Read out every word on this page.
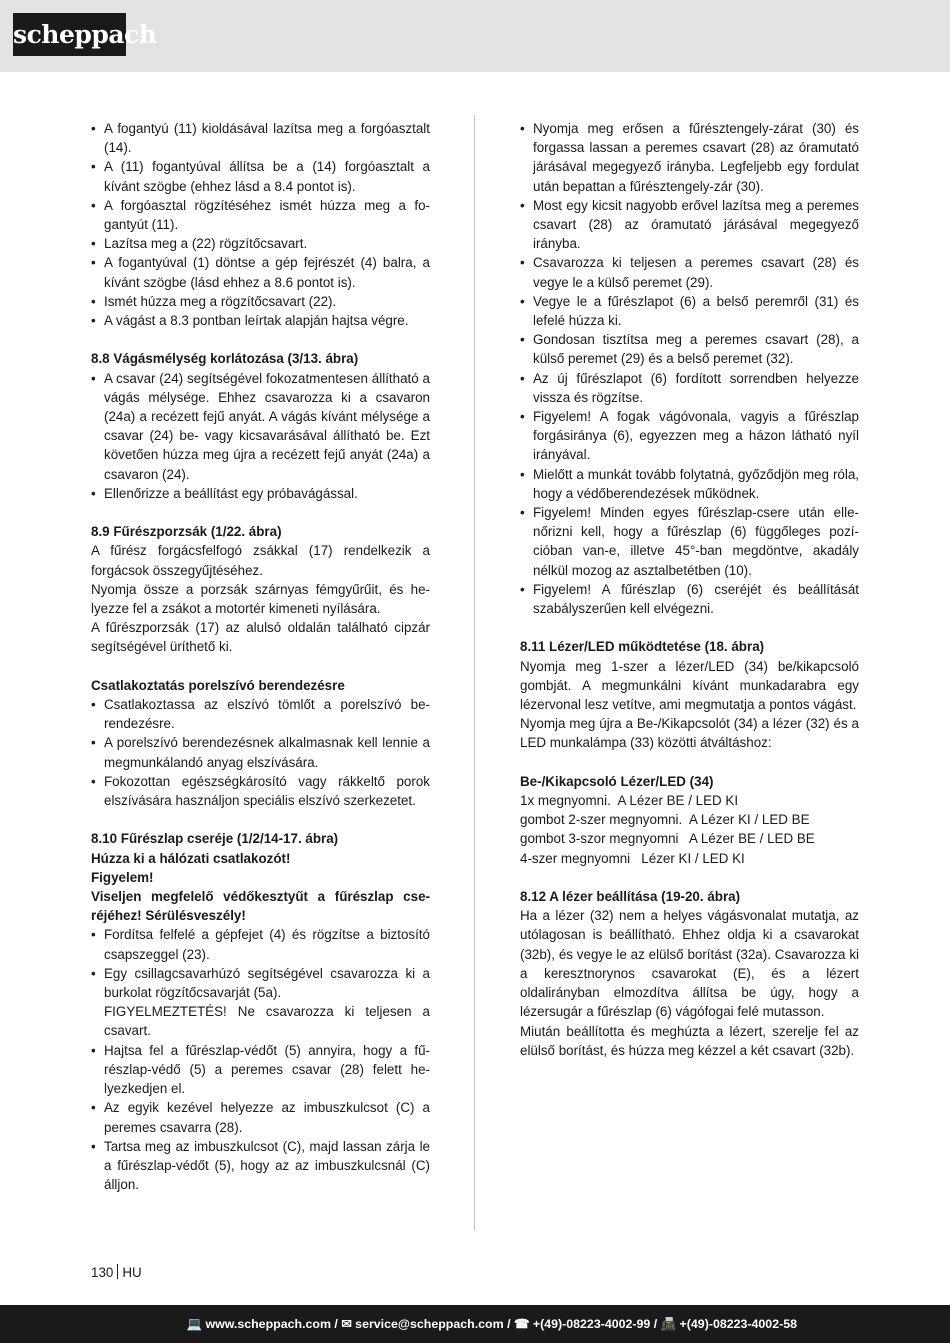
scheppach
• A fogantyú (11) kioldásával lazítsa meg a forgóasztalt (14).
• A (11) fogantyúval állítsa be a (14) forgóasztalt a kívánt szögbe (ehhez lásd a 8.4 pontot is).
• A forgóasztal rögzítéséhez ismét húzza meg a fogantyút (11).
• Lazítsa meg a (22) rögzítőcsavart.
• A fogantyúval (1) döntse a gép fejrészét (4) balra, a kívánt szögbe (lásd ehhez a 8.6 pontot is).
• Ismét húzza meg a rögzítőcsavart (22).
• A vágást a 8.3 pontban leírtak alapján hajtsa végre.
8.8 Vágásmélység korlátozása (3/13. ábra)
• A csavar (24) segítségével fokozatmentesen állítható a vágás mélysége. Ehhez csavarozza ki a csavaron (24a) a recézett fejű anyát. A vágás kívánt mélysége a csavar (24) be- vagy kicsavarásával állítható be. Ezt követően húzza meg újra a recézett fejű anyát (24a) a csavaron (24).
• Ellenőrizze a beállítást egy próbavágással.
8.9 Fűrészporzsák (1/22. ábra)

A fűrész forgácsfelfogó zsákkal (17) rendelkezik a forgácsok összegyűjtéséhez.

Nyomja össze a porzsák szárnyas fémgyűrűit, és helyezze fel a zsákot a motortér kimeneti nyílására.

A fűrészporzsák (17) az alulsó oldalán található cipzár segítségével üríthető ki.

Csatlakoztatás porelszívó berendezésre
• Csatlakoztassa az elszívó tömlőt a porelszívó berendezésre.
• A porelszívó berendezésnek alkalmasnak kell lennie a megmunkálandó anyag elszívására.
• Fokozottan egészségkárosító vagy rákkeltő porok elszívására használjon speciális elszívó szerkezetet.
8.10 Fűrészlap cseréje (1/2/14-17. ábra)
Húzza ki a hálózati csatlakozót!
Figyelem!
Viseljen megfelelő védőkesztyűt a fűrészlap cseréjéhez! Sérülésveszély!
• Fordítsa felfelé a gépfejet (4) és rögzítse a biztosító csapszeggel (23).
• Egy csillagcsavarhúzó segítségével csavarozza ki a burkolat rögzítőcsavarját (5a).
FIGYELMEZTETÉS! Ne csavarozza ki teljesen a csavart.
• Hajtsa fel a fűrészlap-védőt (5) annyira, hogy a fűrészlap-védő (5) a peremes csavar (28) felett helyezkedjen el.
• Az egyik kezével helyezze az imbuszkulcsot (C) a peremes csavarra (28).
• Tartsa meg az imbuszkulcsot (C), majd lassan zárja le a fűrészlap-védőt (5), hogy az az imbuszkulcsnál (C) álljon.
• Nyomja meg erősen a fűrésztengely-zárat (30) és forgassa lassan a peremes csavart (28) az óramutató járásával megegyező irányba. Legfeljebb egy fordulat után bepattan a fűrésztengely-zár (30).
• Most egy kicsit nagyobb erővel lazítsa meg a peremes csavart (28) az óramutató járásával megegyező irányba.
• Csavarozza ki teljesen a peremes csavart (28) és vegye le a külső peremet (29).
• Vegye le a fűrészlapot (6) a belső peremről (31) és lefelé húzza ki.
• Gondosan tisztítsa meg a peremes csavart (28), a külső peremet (29) és a belső peremet (32).
• Az új fűrészlapot (6) fordított sorrendben helyezze vissza és rögzítse.
• Figyelem! A fogak vágóvonala, vagyis a fűrészlap forgásiránya (6), egyezzen meg a házon látható nyíl irányával.
• Mielőtt a munkát tovább folytatná, győződjön meg róla, hogy a védőberendezések működnek.
• Figyelem! Minden egyes fűrészlap-csere után ellenőrizni kell, hogy a fűrészlap (6) függőleges pozícióban van-e, illetve 45°-ban megdöntve, akadály nélkül mozog az asztalbetétben (10).
• Figyelem! A fűrészlap (6) cseréjét és beállítását szabályszerűen kell elvégezni.
8.11 Lézer/LED működtetése (18. ábra)

Nyomja meg 1-szer a lézer/LED (34) be/kikapcsoló gombját. A megmunkálni kívánt munkadarabra egy lézervonal lesz vetítve, ami megmutatja a pontos vágást.

Nyomja meg újra a Be-/Kikapcsolót (34) a lézer (32) és a LED munkalámpa (33) közötti átváltáshoz:

Be-/Kikapcsoló Lézer/LED (34)

1x megnyomni.  A Lézer BE / LED KI

gombot 2-szer megnyomni.  A Lézer KI / LED BE

gombot 3-szor megnyomni   A Lézer BE / LED BE

4-szer megnyomni   Lézer KI / LED KI

8.12 A lézer beállítása (19-20. ábra)

Ha a lézer (32) nem a helyes vágásvonalat mutatja, az utólagosan is beállítható. Ehhez oldja ki a csavarokat (32b), és vegye le az elülső borítást (32a). Csavarozza ki a keresztnorynos csavarokat (E), és a lézert oldalirányban elmozdítva állítsa be úgy, hogy a lézersugár a fűrészlap (6) vágófogai felé mutasson.

Miután beállította és meghúzta a lézert, szerelje fel az elülső borítást, és húzza meg kézzel a két csavart (32b).

130 HU
💻 www.scheppach.com / ✉ service@scheppach.com / ☎ +(49)-08223-4002-99 / 📠 +(49)-08223-4002-58
